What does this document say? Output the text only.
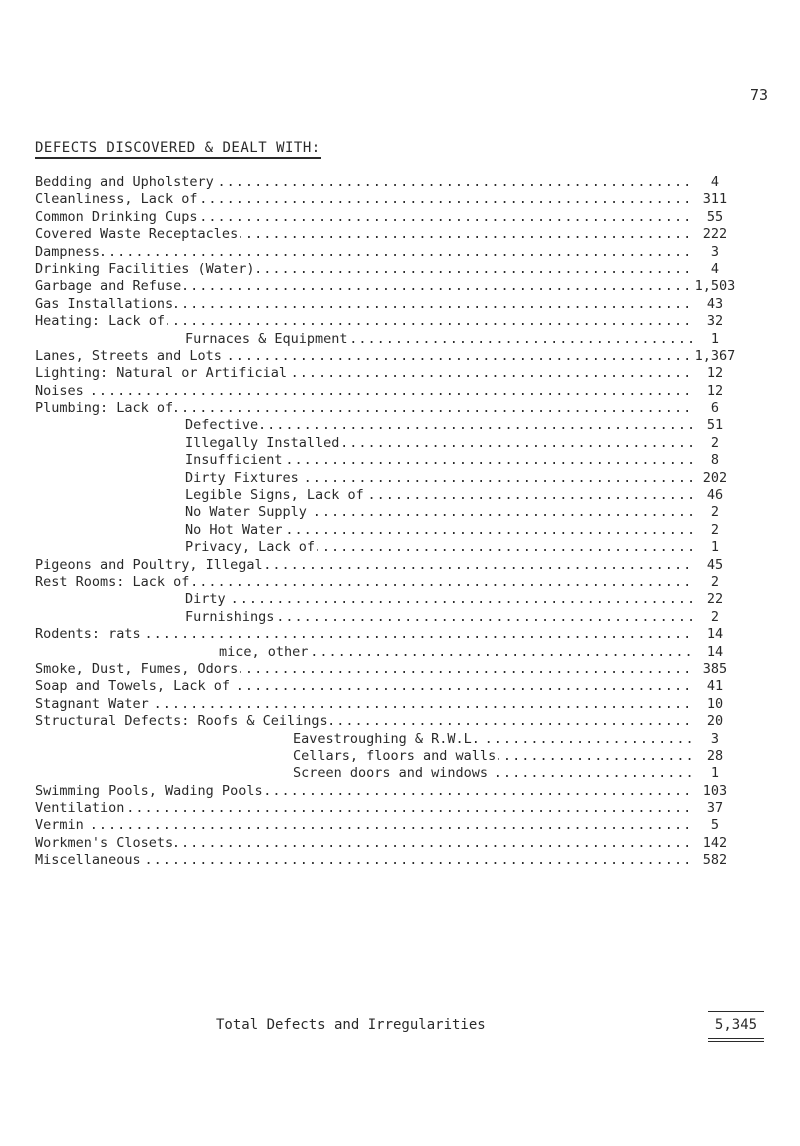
73
DEFECTS DISCOVERED & DEALT WITH:
.....
Bedding and Upholstery	4
.....
Cleanliness, Lack of	311
.....
Common Drinking Cups	55
.....
Covered Waste Receptacles	222
.....
Dampness	3
.....
Drinking Facilities (Water)	4
.....
Garbage and Refuse	1,503
.....
Gas Installations	43
.....
Heating: Lack of	32
.....
Furnaces & Equipment	1
.....
Lanes, Streets and Lots	1,367
.....
Lighting: Natural or Artificial	12
.....
Noises	12
.....
Plumbing: Lack of	6
.....
Defective	51
.....
Illegally Installed	2
.....
Insufficient	8
.....
Dirty Fixtures	202
.....
Legible Signs, Lack of	46
.....
No Water Supply	2
.....
No Hot Water	2
.....
Privacy, Lack of	1
.....
Pigeons and Poultry, Illegal	45
.....
Rest Rooms: Lack of	2
.....
Dirty	22
.....
Furnishings	2
.....
Rodents: rats	14
.....
mice, other	14
.....
Smoke, Dust, Fumes, Odors	385
.....
Soap and Towels, Lack of	41
.....
Stagnant Water	10
.....
Structural Defects: Roofs & Ceilings	20
.....
Eavestroughing & R.W.L.	3
.....
Cellars, floors and walls	28
.....
Screen doors and windows	1
.....
Swimming Pools, Wading Pools	103
.....
Ventilation	37
.....
Vermin	5
.....
Workmen's Closets	142
.....
Miscellaneous	582
Total Defects and Irregularities	5,345
